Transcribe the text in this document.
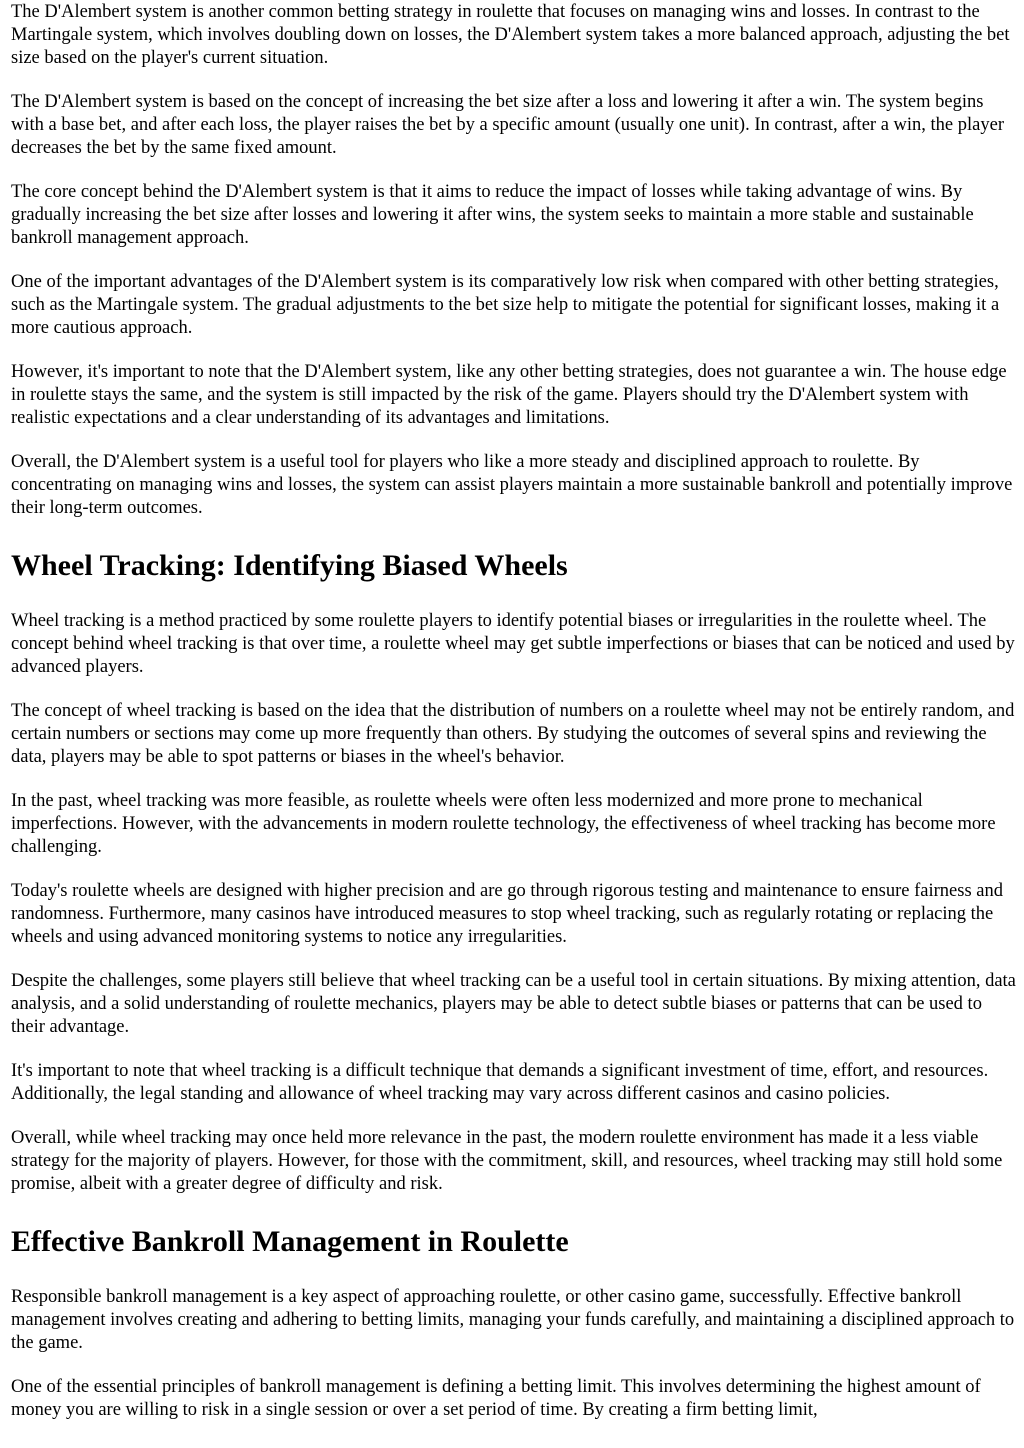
The D'Alembert system is another common betting strategy in roulette that focuses on managing wins and losses. In contrast to the Martingale system, which involves doubling down on losses, the D'Alembert system takes a more balanced approach, adjusting the bet size based on the player's current situation.

The D'Alembert system is based on the concept of increasing the bet size after a loss and lowering it after a win. The system begins with a base bet, and after each loss, the player raises the bet by a specific amount (usually one unit). In contrast, after a win, the player decreases the bet by the same fixed amount.

The core concept behind the D'Alembert system is that it aims to reduce the impact of losses while taking advantage of wins. By gradually increasing the bet size after losses and lowering it after wins, the system seeks to maintain a more stable and sustainable bankroll management approach.

One of the important advantages of the D'Alembert system is its comparatively low risk when compared with other betting strategies, such as the Martingale system. The gradual adjustments to the bet size help to mitigate the potential for significant losses, making it a more cautious approach.

However, it's important to note that the D'Alembert system, like any other betting strategies, does not guarantee a win. The house edge in roulette stays the same, and the system is still impacted by the risk of the game. Players should try the D'Alembert system with realistic expectations and a clear understanding of its advantages and limitations.

Overall, the D'Alembert system is a useful tool for players who like a more steady and disciplined approach to roulette. By concentrating on managing wins and losses, the system can assist players maintain a more sustainable bankroll and potentially improve their long-term outcomes.

Wheel Tracking: Identifying Biased Wheels

Wheel tracking is a method practiced by some roulette players to identify potential biases or irregularities in the roulette wheel. The concept behind wheel tracking is that over time, a roulette wheel may get subtle imperfections or biases that can be noticed and used by advanced players.

The concept of wheel tracking is based on the idea that the distribution of numbers on a roulette wheel may not be entirely random, and certain numbers or sections may come up more frequently than others. By studying the outcomes of several spins and reviewing the data, players may be able to spot patterns or biases in the wheel's behavior.

In the past, wheel tracking was more feasible, as roulette wheels were often less modernized and more prone to mechanical imperfections. However, with the advancements in modern roulette technology, the effectiveness of wheel tracking has become more challenging.

Today's roulette wheels are designed with higher precision and are go through rigorous testing and maintenance to ensure fairness and randomness. Furthermore, many casinos have introduced measures to stop wheel tracking, such as regularly rotating or replacing the wheels and using advanced monitoring systems to notice any irregularities.

Despite the challenges, some players still believe that wheel tracking can be a useful tool in certain situations. By mixing attention, data analysis, and a solid understanding of roulette mechanics, players may be able to detect subtle biases or patterns that can be used to their advantage.

It's important to note that wheel tracking is a difficult technique that demands a significant investment of time, effort, and resources. Additionally, the legal standing and allowance of wheel tracking may vary across different casinos and casino policies.

Overall, while wheel tracking may once held more relevance in the past, the modern roulette environment has made it a less viable strategy for the majority of players. However, for those with the commitment, skill, and resources, wheel tracking may still hold some promise, albeit with a greater degree of difficulty and risk.

Effective Bankroll Management in Roulette

Responsible bankroll management is a key aspect of approaching roulette, or other casino game, successfully. Effective bankroll management involves creating and adhering to betting limits, managing your funds carefully, and maintaining a disciplined approach to the game.

One of the essential principles of bankroll management is defining a betting limit. This involves determining the highest amount of money you are willing to risk in a single session or over a set period of time. By creating a firm betting limit,
